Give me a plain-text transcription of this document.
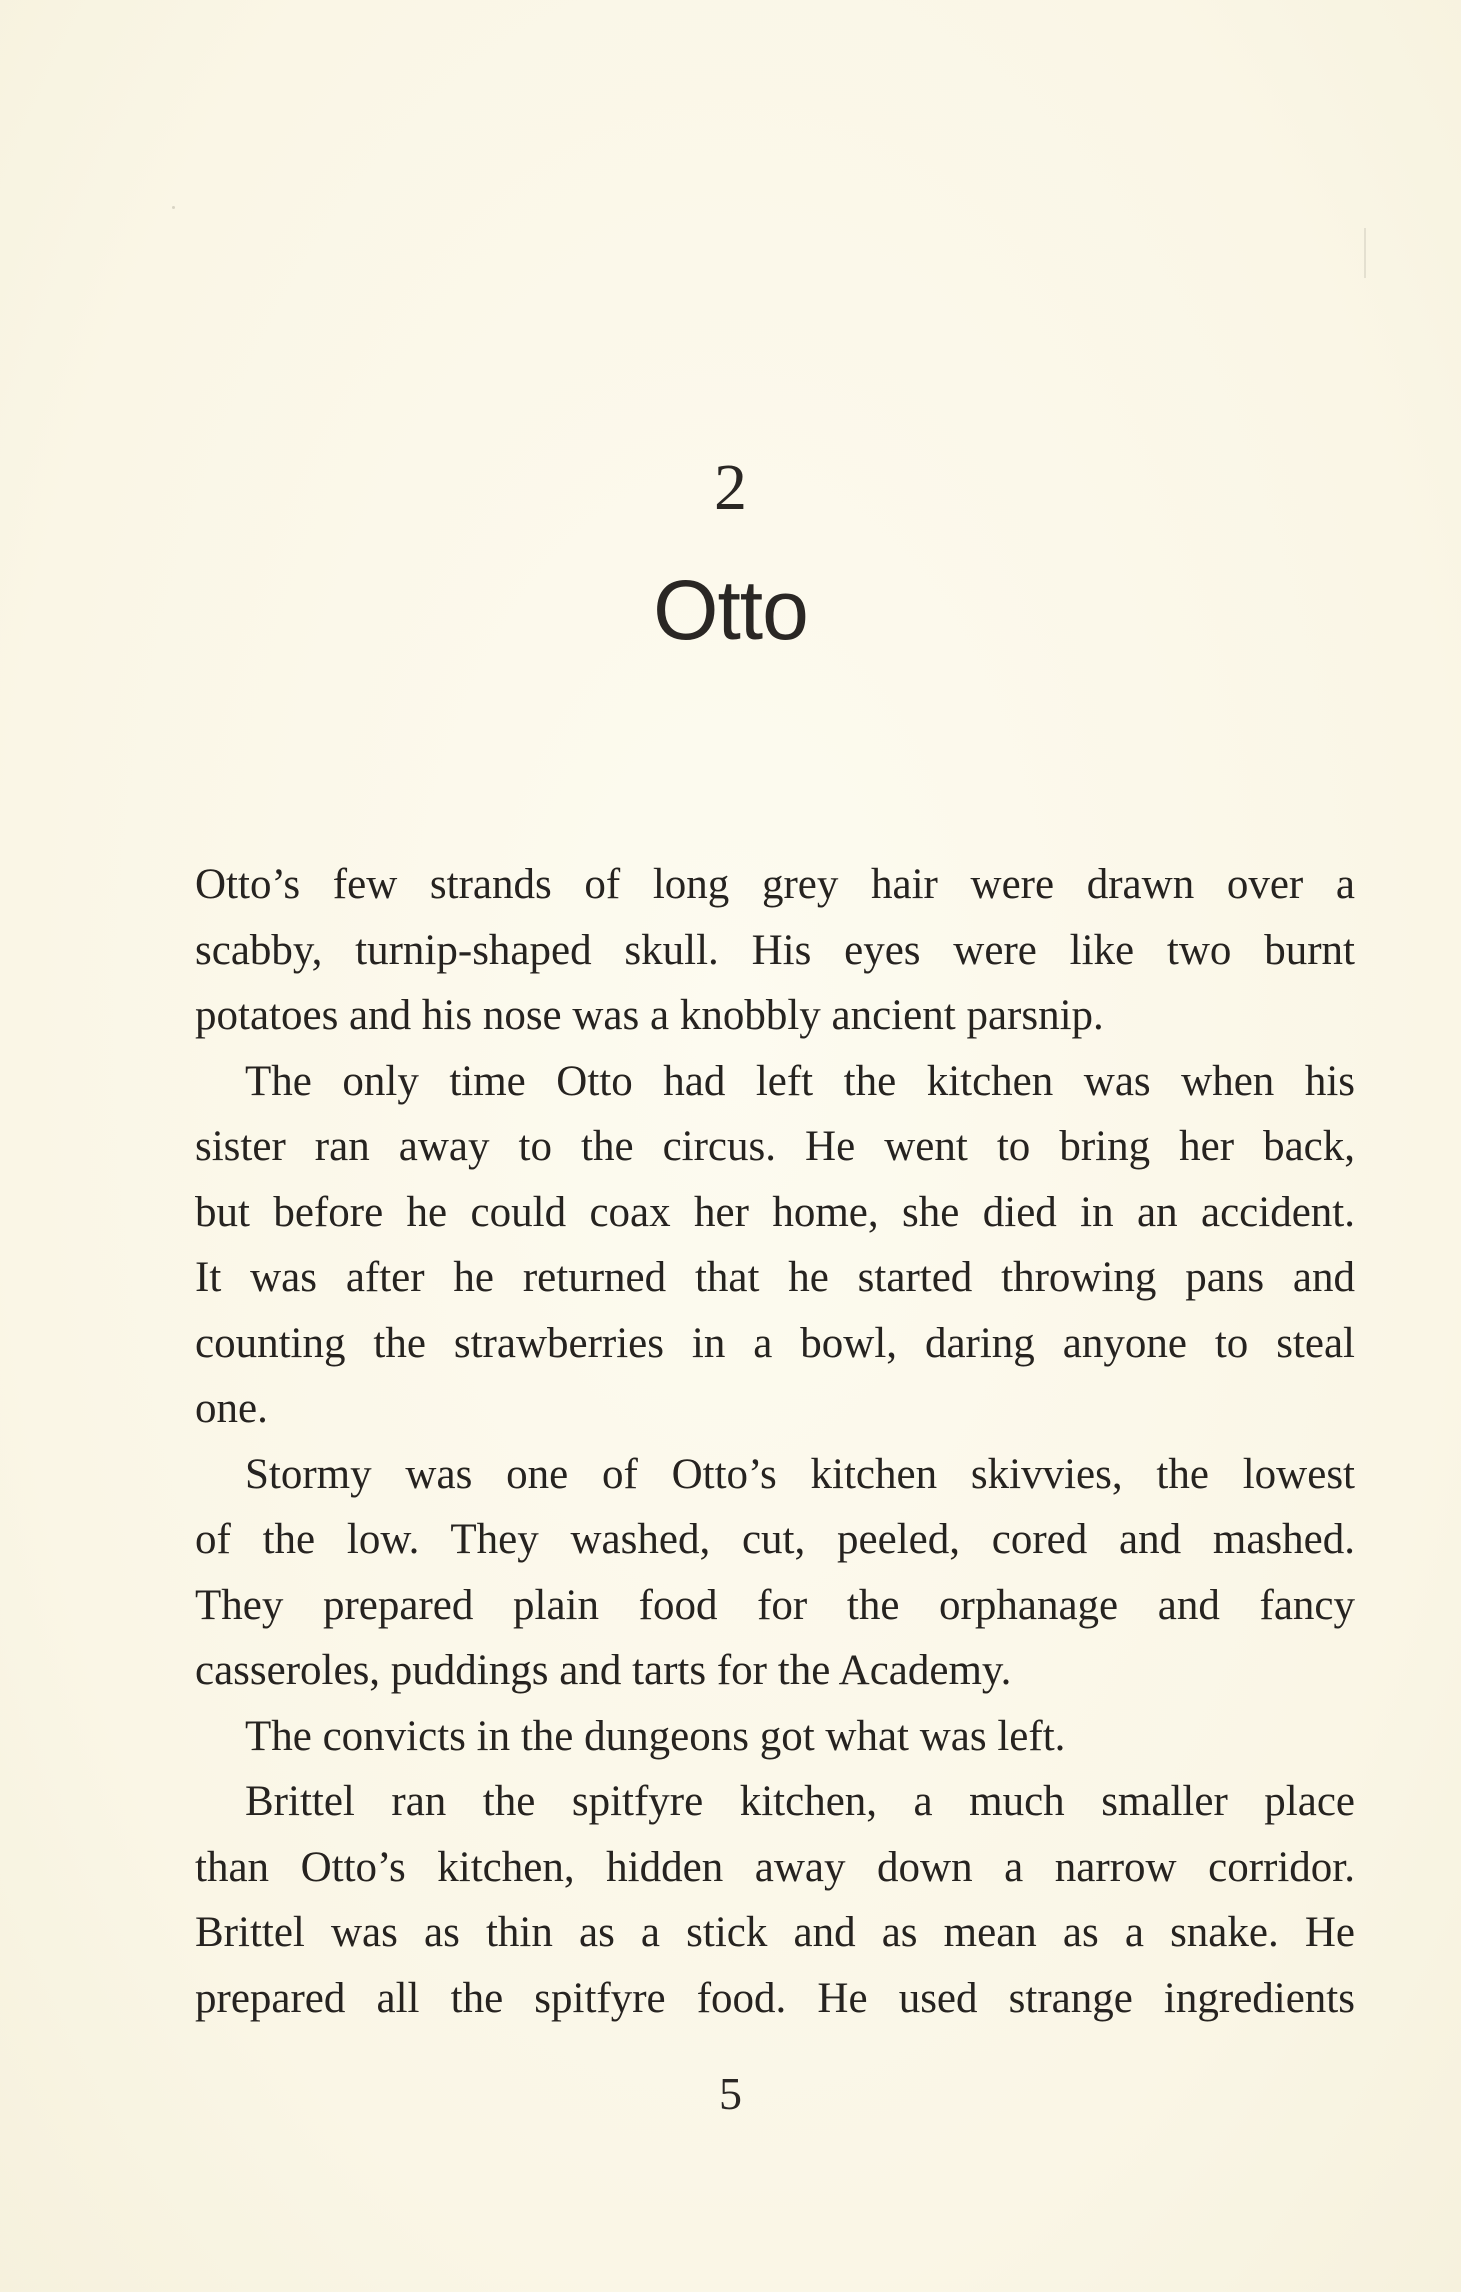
2
Otto
Otto’s few strands of long grey hair were drawn over a
scabby, turnip-shaped skull. His eyes were like two burnt
potatoes and his nose was a knobbly ancient parsnip.
The only time Otto had left the kitchen was when his
sister ran away to the circus. He went to bring her back,
but before he could coax her home, she died in an accident.
It was after he returned that he started throwing pans and
counting the strawberries in a bowl, daring anyone to steal
one.
Stormy was one of Otto’s kitchen skivvies, the lowest
of the low. They washed, cut, peeled, cored and mashed.
They prepared plain food for the orphanage and fancy
casseroles, puddings and tarts for the Academy.
The convicts in the dungeons got what was left.
Brittel ran the spitfyre kitchen, a much smaller place
than Otto’s kitchen, hidden away down a narrow corridor.
Brittel was as thin as a stick and as mean as a snake. He
prepared all the spitfyre food. He used strange ingredients
5
